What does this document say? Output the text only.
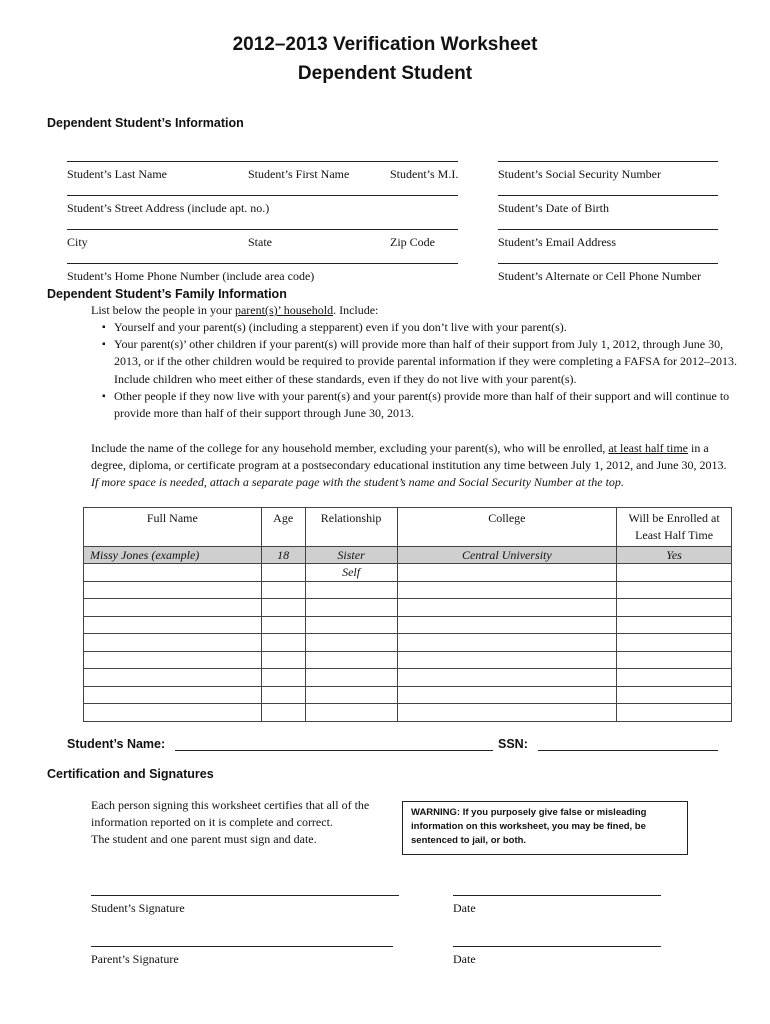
2012–2013 Verification Worksheet
Dependent Student
Dependent Student’s Information
Student’s Last Name	Student’s First Name	Student’s M.I.	Student’s Social Security Number
Student’s Street Address (include apt. no.)	Student’s Date of Birth
City	State	Zip Code	Student’s Email Address
Student’s Home Phone Number (include area code)	Student’s Alternate or Cell Phone Number
Dependent Student’s Family Information
List below the people in your parent(s)’ household. Include:
▪ Yourself and your parent(s) (including a stepparent) even if you don’t live with your parent(s).
▪ Your parent(s)’ other children if your parent(s) will provide more than half of their support from July 1, 2012, through June 30, 2013, or if the other children would be required to provide parental information if they were completing a FAFSA for 2012–2013. Include children who meet either of these standards, even if they do not live with your parent(s).
▪ Other people if they now live with your parent(s) and your parent(s) provide more than half of their support and will continue to provide more than half of their support through June 30, 2013.
Include the name of the college for any household member, excluding your parent(s), who will be enrolled, at least half time in a degree, diploma, or certificate program at a postsecondary educational institution any time between July 1, 2012, and June 30, 2013. If more space is needed, attach a separate page with the student’s name and Social Security Number at the top.
Full Name	Age	Relationship	College	Will be Enrolled at Least Half Time
Missy Jones (example)	18	Sister	Central University	Yes
		Self		

Student’s Name:	SSN:
Certification and Signatures
Each person signing this worksheet certifies that all of the
information reported on it is complete and correct.
The student and one parent must sign and date.
WARNING: If you purposely give false or misleading information on this worksheet, you may be fined, be sentenced to jail, or both.
Student’s Signature	Date
Parent’s Signature	Date
